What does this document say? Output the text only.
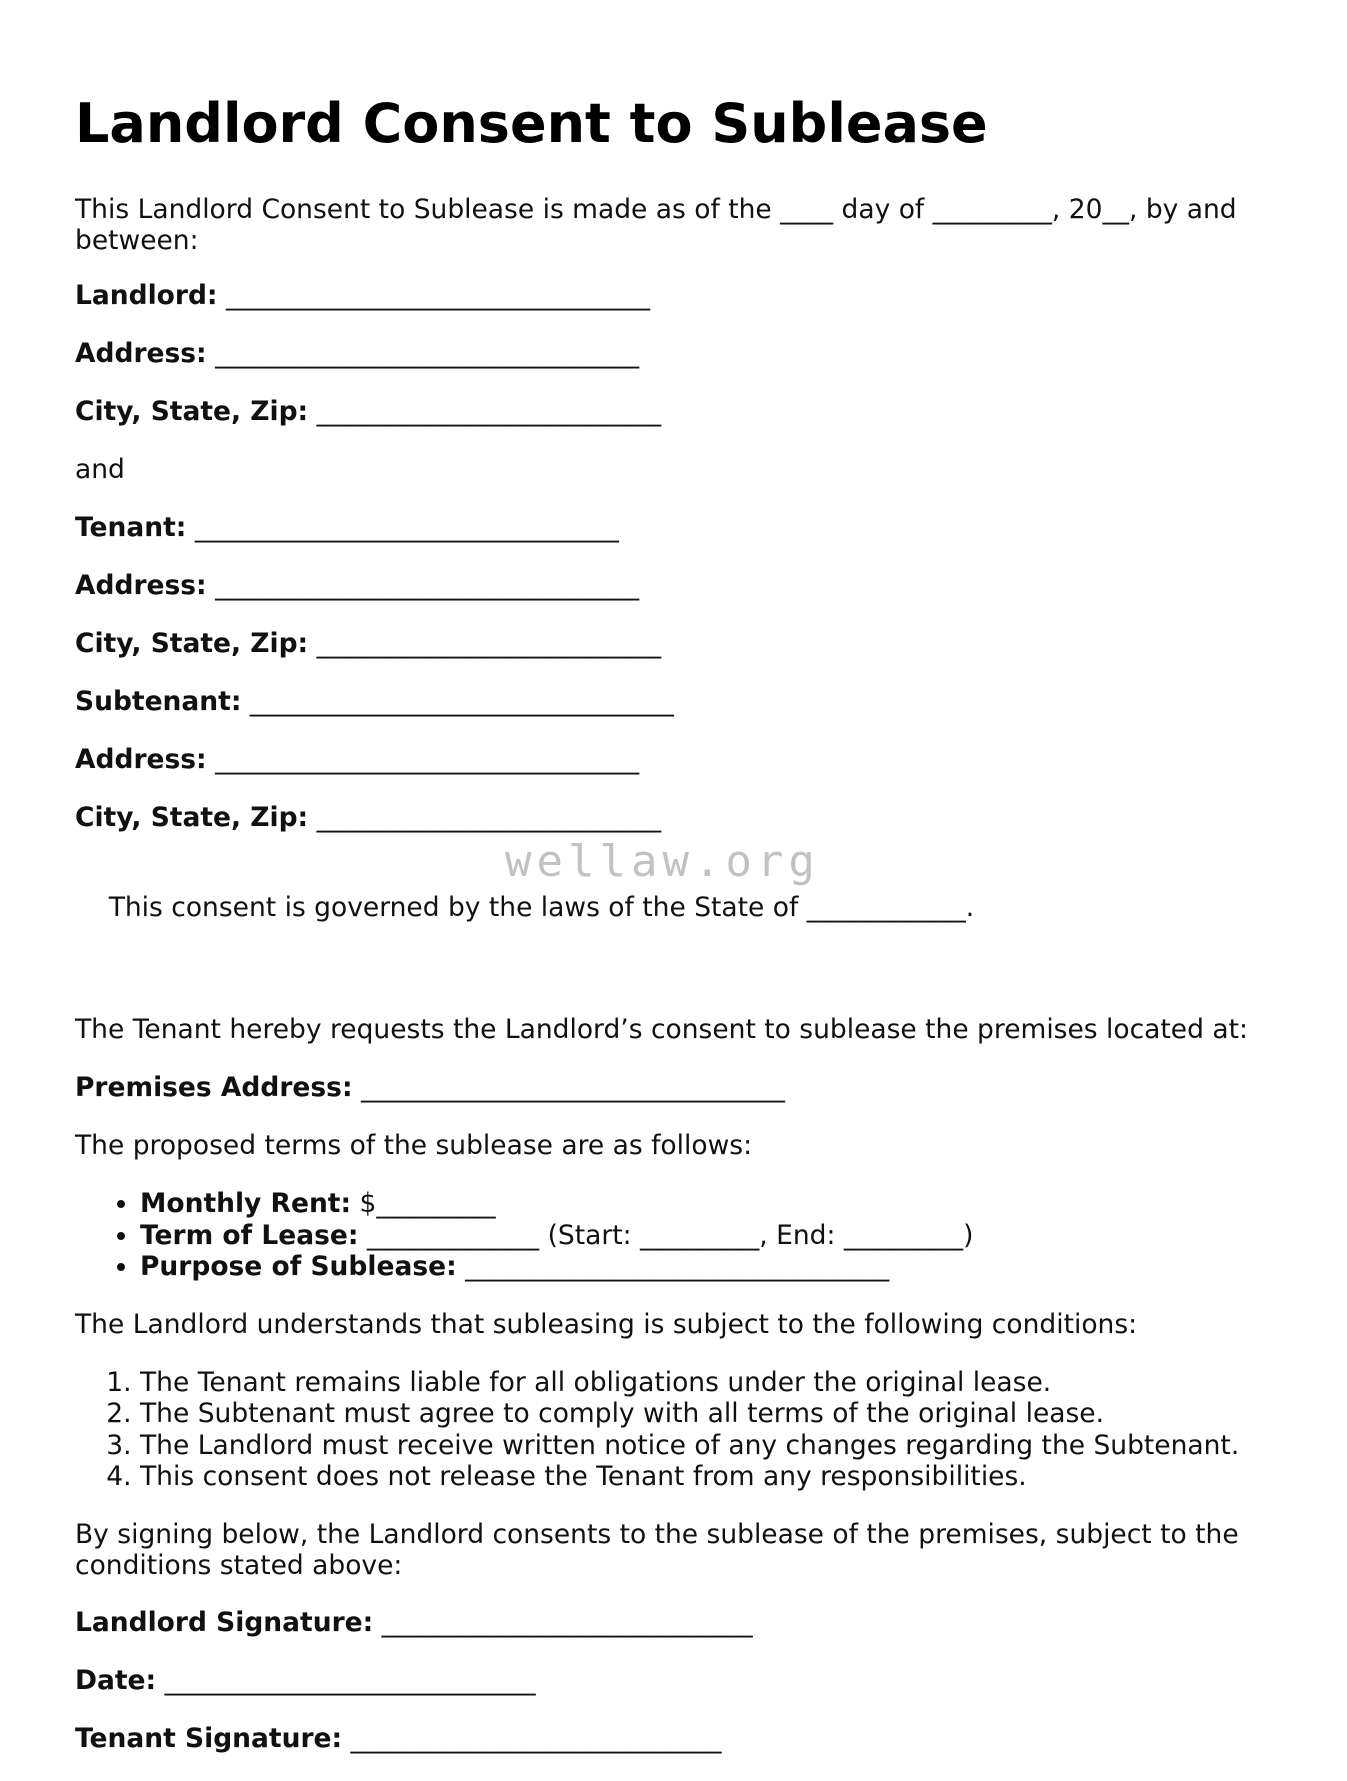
Landlord Consent to Sublease

This Landlord Consent to Sublease is made as of the ____ day of _________, 20__, by and between:

Landlord: ________________________________
Address: ________________________________
City, State, Zip: __________________________
and
Tenant: ________________________________
Address: ________________________________
City, State, Zip: __________________________
Subtenant: ________________________________
Address: ________________________________
City, State, Zip: __________________________

This consent is governed by the laws of the State of ____________.

wellaw.org

The Tenant hereby requests the Landlord’s consent to sublease the premises located at:
Premises Address: ________________________________
The proposed terms of the sublease are as follows:
• Monthly Rent: $_________
• Term of Lease: _____________ (Start: _________, End: _________)
• Purpose of Sublease: ________________________________
The Landlord understands that subleasing is subject to the following conditions:
1. The Tenant remains liable for all obligations under the original lease.
2. The Subtenant must agree to comply with all terms of the original lease.
3. The Landlord must receive written notice of any changes regarding the Subtenant.
4. This consent does not release the Tenant from any responsibilities.

By signing below, the Landlord consents to the sublease of the premises, subject to the conditions stated above:

Landlord Signature: ____________________________
Date: ____________________________
Tenant Signature: ____________________________
